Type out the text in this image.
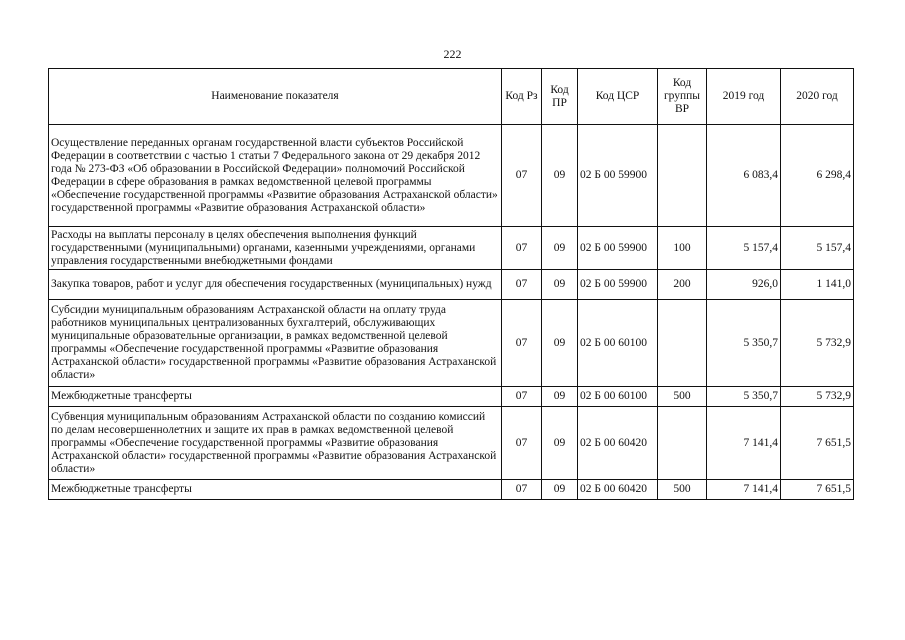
222
Наименование показателя	Код Рз	Код ПР	Код ЦСР	Код группы ВР	2019 год	2020 год
Осуществление переданных органам государственной власти субъектов Российской Федерации в соответствии с частью 1 статьи 7 Федерального закона от 29 декабря 2012 года № 273-ФЗ «Об образовании в Российской Федерации» полномочий Российской Федерации в сфере образования в рамках ведомственной целевой программы «Обеспечение государственной программы «Развитие образования Астраханской области» государственной программы «Развитие образования Астраханской области»	07	09	02 Б 00 59900		6 083,4	6 298,4
Расходы на выплаты персоналу в целях обеспечения выполнения функций государственными (муниципальными) органами, казенными учреждениями, органами управления государственными внебюджетными фондами	07	09	02 Б 00 59900	100	5 157,4	5 157,4
Закупка товаров, работ и услуг для обеспечения государственных (муниципальных) нужд	07	09	02 Б 00 59900	200	926,0	1 141,0
Субсидии муниципальным образованиям Астраханской области на оплату труда работников муниципальных централизованных бухгалтерий, обслуживающих муниципальные образовательные организации, в рамках ведомственной целевой программы «Обеспечение государственной программы «Развитие образования Астраханской области» государственной программы «Развитие образования Астраханской области»	07	09	02 Б 00 60100		5 350,7	5 732,9
Межбюджетные трансферты	07	09	02 Б 00 60100	500	5 350,7	5 732,9
Субвенция муниципальным образованиям Астраханской области по созданию комиссий по делам несовершеннолетних и защите их прав в рамках ведомственной целевой программы «Обеспечение государственной программы «Развитие образования Астраханской области» государственной программы «Развитие образования Астраханской области»	07	09	02 Б 00 60420		7 141,4	7 651,5
Межбюджетные трансферты	07	09	02 Б 00 60420	500	7 141,4	7 651,5
